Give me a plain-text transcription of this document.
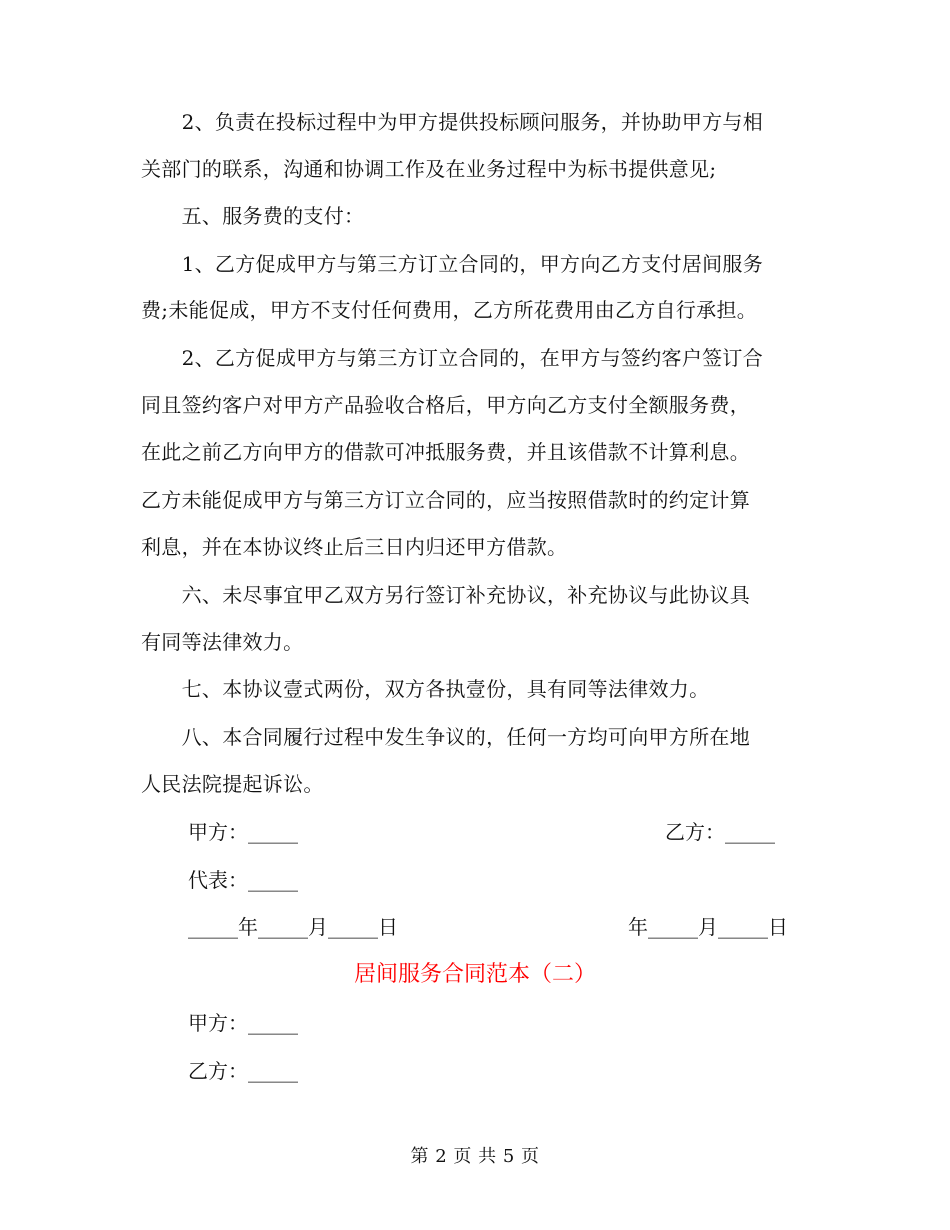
　　2、负责在投标过程中为甲方提供投标顾问服务，并协助甲方与相

关部门的联系，沟通和协调工作及在业务过程中为标书提供意见;

　　五、服务费的支付：

　　1、乙方促成甲方与第三方订立合同的，甲方向乙方支付居间服务

费;未能促成，甲方不支付任何费用，乙方所花费用由乙方自行承担。

　　2、乙方促成甲方与第三方订立合同的，在甲方与签约客户签订合

同且签约客户对甲方产品验收合格后，甲方向乙方支付全额服务费，

在此之前乙方向甲方的借款可冲抵服务费，并且该借款不计算利息。

乙方未能促成甲方与第三方订立合同的，应当按照借款时的约定计算

利息，并在本协议终止后三日内归还甲方借款。

　　六、未尽事宜甲乙双方另行签订补充协议，补充协议与此协议具

有同等法律效力。

　　七、本协议壹式两份，双方各执壹份，具有同等法律效力。

　　八、本合同履行过程中发生争议的，任何一方均可向甲方所在地

人民法院提起诉讼。

甲方：_____	乙方：_____
代表：_____
_____年_____月_____日	年_____月_____日
居间服务合同范本（二）
甲方：_____
乙方：_____
第 2 页 共 5 页
